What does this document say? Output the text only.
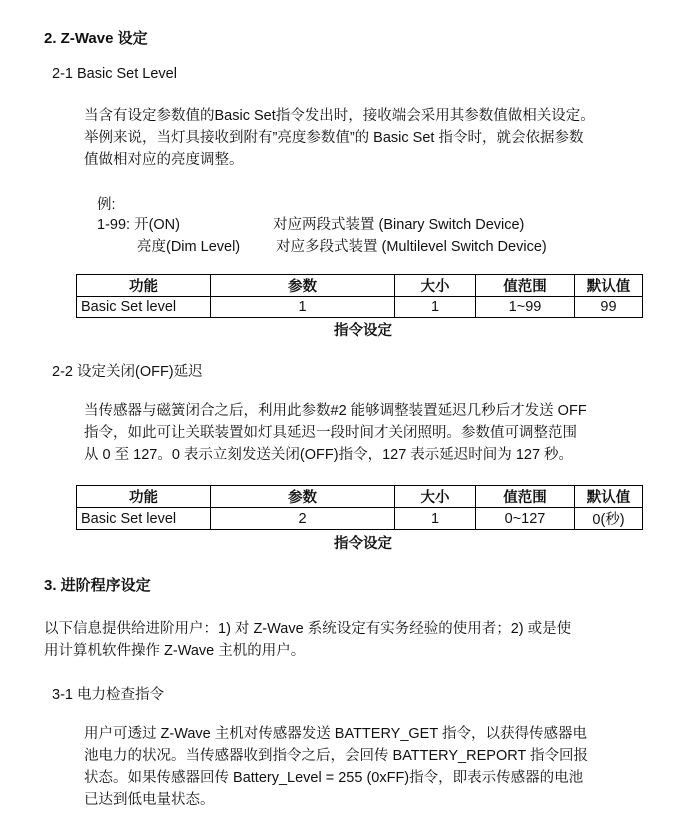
2. Z-Wave 设定
2-1 Basic Set Level
当含有设定参数值的Basic Set指令发出时，接收端会采用其参数值做相关设定。
举例来说，当灯具接收到附有”亮度参数值”的 Basic Set 指令时，就会依据参数
值做相对应的亮度调整。
例:
1-99: 开(ON)	对应两段式装置 (Binary Switch Device)
亮度(Dim Level) 对应多段式装置 (Multilevel Switch Device)
功能	参数	大小	值范围	默认值
Basic Set level	1	1	1~99	99
指令设定
2-2 设定关闭(OFF)延迟
当传感器与磁簧闭合之后，利用此参数#2 能够调整装置延迟几秒后才发送 OFF
指令，如此可让关联装置如灯具延迟一段时间才关闭照明。参数值可调整范围
从 0 至 127。0 表示立刻发送关闭(OFF)指令，127 表示延迟时间为 127 秒。
功能	参数	大小	值范围	默认值
Basic Set level	2	1	0~127	0(秒)
指令设定
3. 进阶程序设定
以下信息提供给进阶用户：1) 对 Z-Wave 系统设定有实务经验的使用者；2) 或是使
用计算机软件操作 Z-Wave 主机的用户。
3-1 电力检查指令
用户可透过 Z-Wave 主机对传感器发送 BATTERY_GET 指令，以获得传感器电
池电力的状况。当传感器收到指令之后，会回传 BATTERY_REPORT 指令回报
状态。如果传感器回传 Battery_Level = 255 (0xFF)指令，即表示传感器的电池
已达到低电量状态。
